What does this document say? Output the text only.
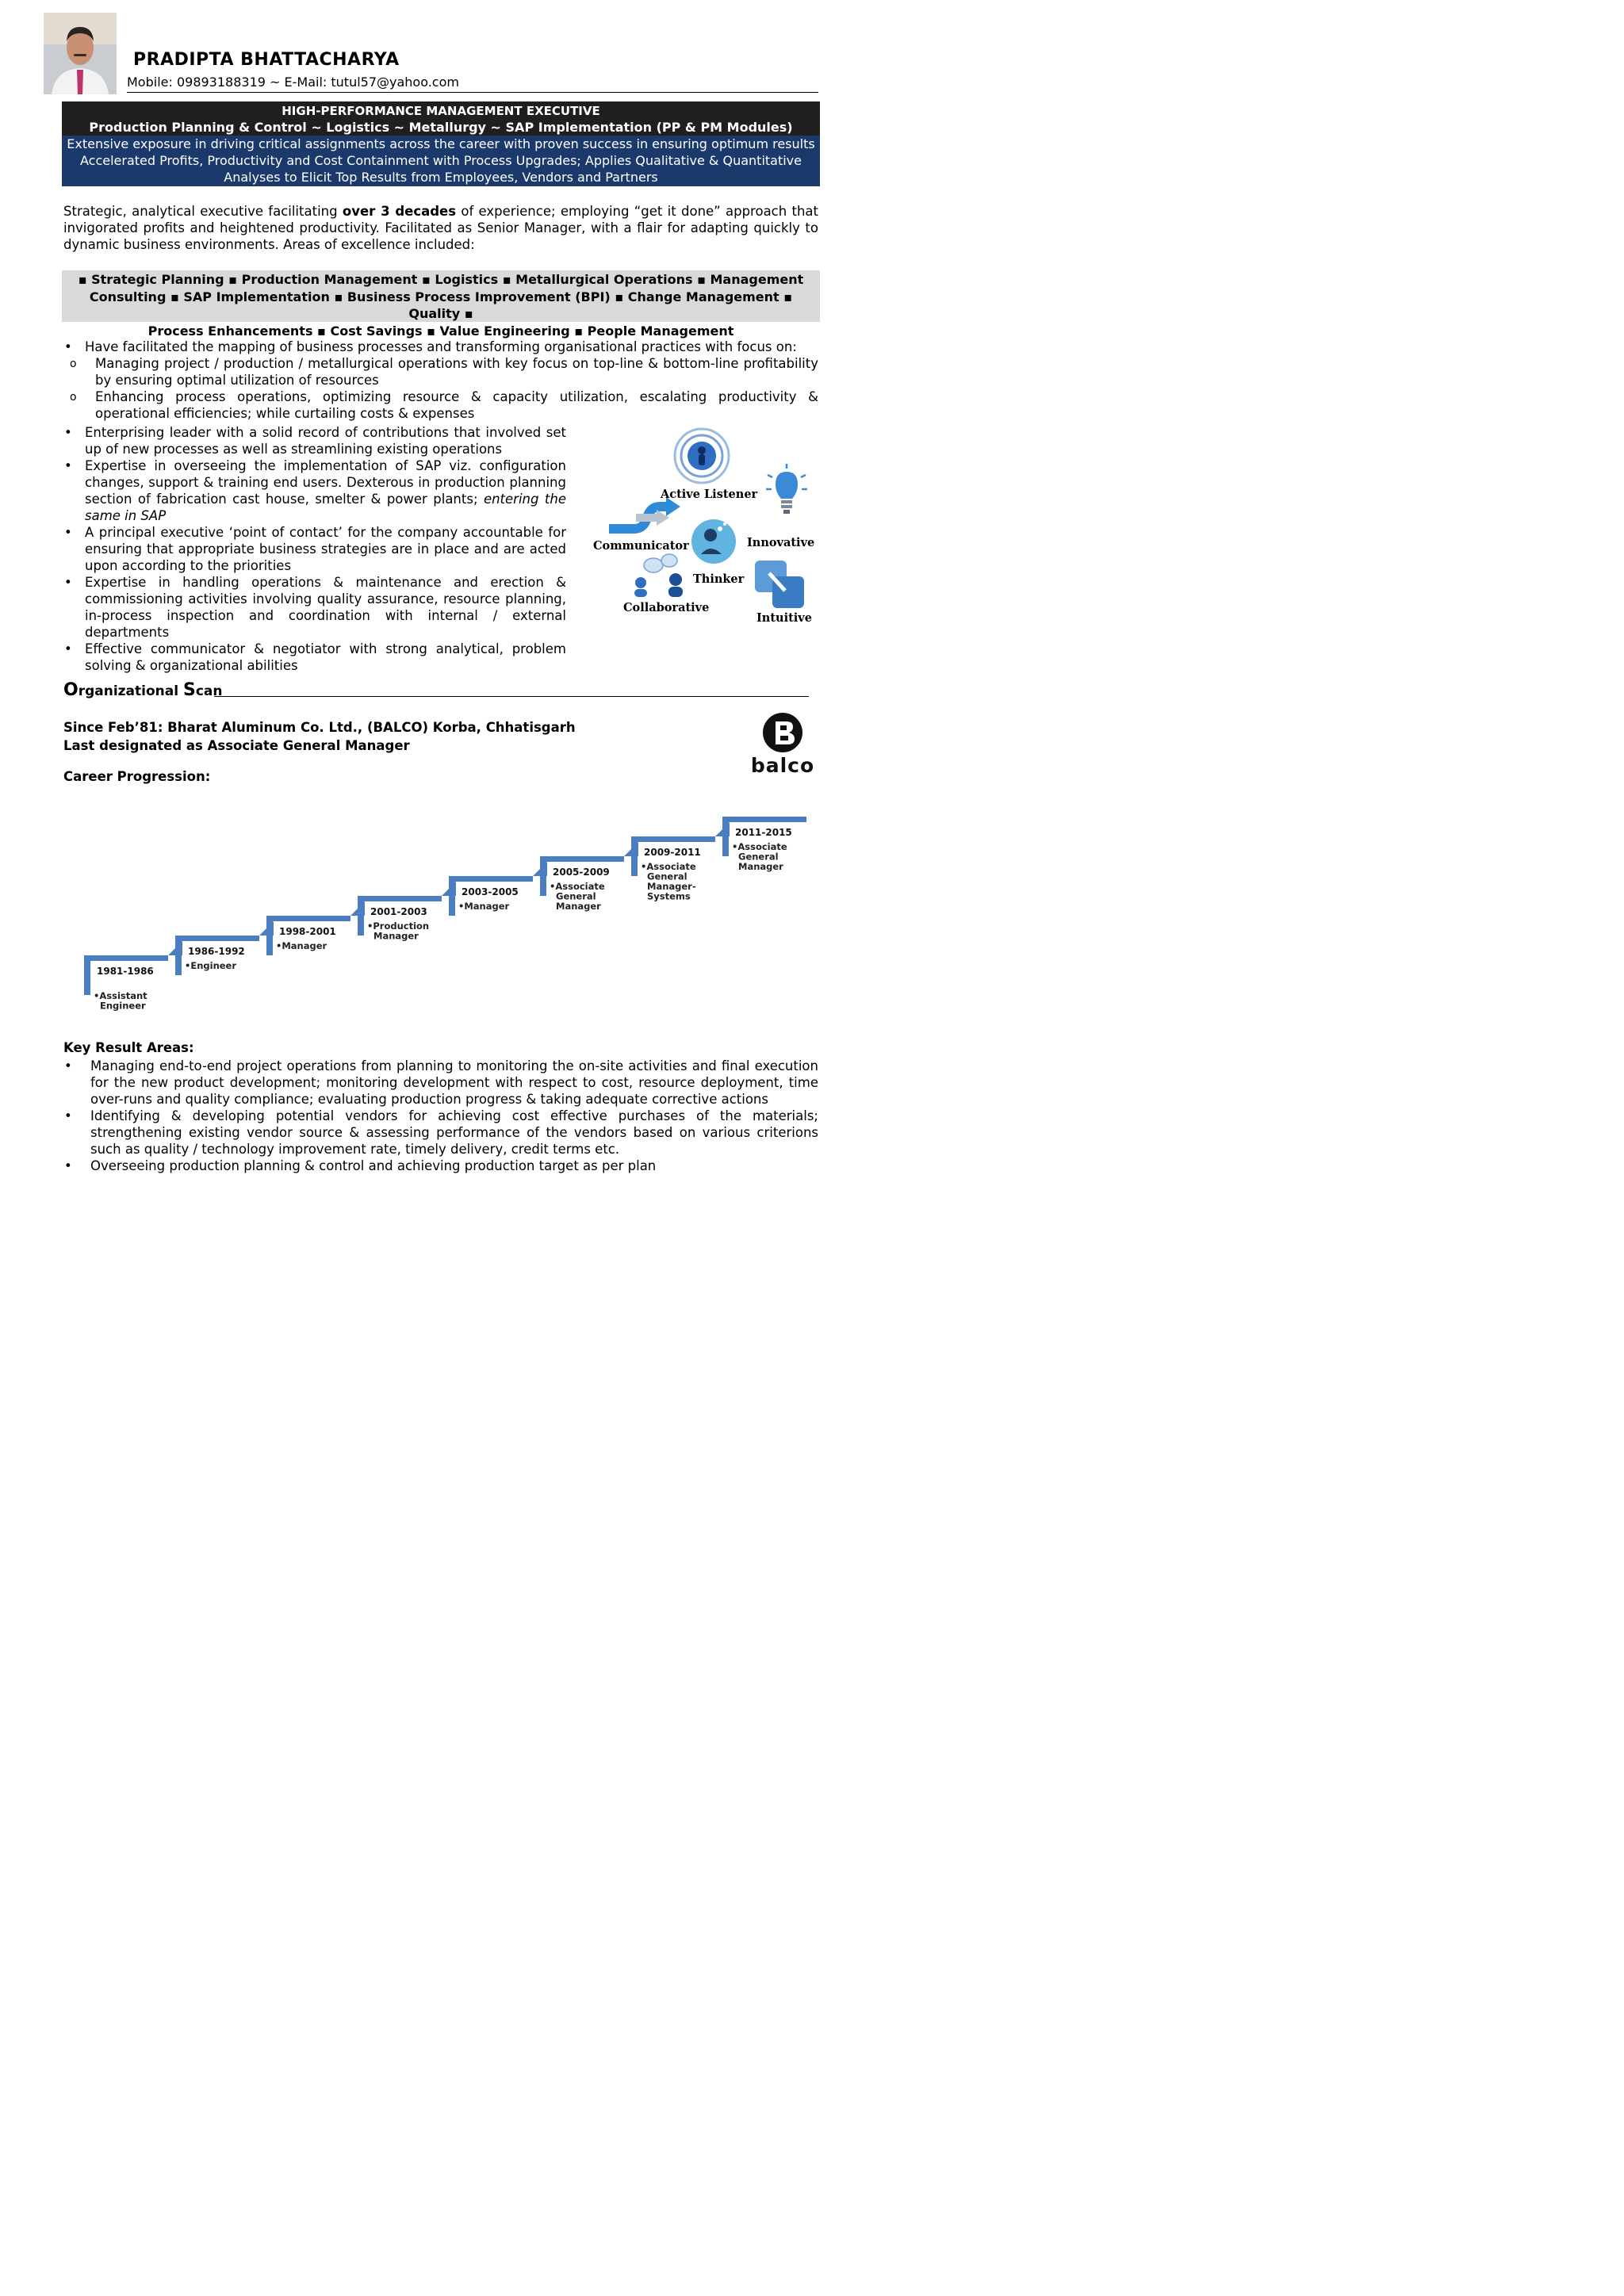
PRADIPTA BHATTACHARYA
Mobile: 09893188319 ~ E-Mail: tutul57@yahoo.com
HIGH-PERFORMANCE MANAGEMENT EXECUTIVE
Production Planning & Control ~ Logistics ~ Metallurgy ~ SAP Implementation (PP & PM Modules)
Extensive exposure in driving critical assignments across the career with proven success in ensuring optimum results
Accelerated Profits, Productivity and Cost Containment with Process Upgrades; Applies Qualitative & Quantitative
Analyses to Elicit Top Results from Employees, Vendors and Partners
Strategic, analytical executive facilitating over 3 decades of experience; employing “get it done” approach that invigorated profits and heightened productivity. Facilitated as Senior Manager, with a flair for adapting quickly to dynamic business environments. Areas of excellence included:
▪ Strategic Planning ▪ Production Management ▪ Logistics ▪ Metallurgical Operations ▪ Management
Consulting ▪ SAP Implementation ▪ Business Process Improvement (BPI) ▪ Change Management ▪ Quality ▪
Process Enhancements ▪ Cost Savings ▪ Value Engineering ▪ People Management
• Have facilitated the mapping of business processes and transforming organisational practices with focus on:
o Managing project / production / metallurgical operations with key focus on top-line & bottom-line profitability by ensuring optimal utilization of resources
o Enhancing process operations, optimizing resource & capacity utilization, escalating productivity & operational efficiencies; while curtailing costs & expenses
• Enterprising leader with a solid record of contributions that involved set up of new processes as well as streamlining existing operations
• Expertise in overseeing the implementation of SAP viz. configuration changes, support & training end users. Dexterous in production planning section of fabrication cast house, smelter & power plants; entering the same in SAP
• A principal executive ‘point of contact’ for the company accountable for ensuring that appropriate business strategies are in place and are acted upon according to the priorities
• Expertise in handling operations & maintenance and erection & commissioning activities involving quality assurance, resource planning, in-process inspection and coordination with internal / external departments
• Effective communicator & negotiator with strong analytical, problem solving & organizational abilities
Active Listener
Communicator	Innovative
Thinker
Collaborative
Intuitive
Organizational Scan
Since Feb’81: Bharat Aluminum Co. Ltd., (BALCO) Korba, Chhatisgarh
Last designated as Associate General Manager
Career Progression:	balco
1981-1986
•Assistant
Engineer
1986-1992
•Engineer
1998-2001
•Manager
2001-2003
•Production
Manager
2003-2005
•Manager
2005-2009
•Associate
General
Manager
2009-2011
•Associate
General
Manager-
Systems
2011-2015
•Associate
General
Manager
Key Result Areas:
• Managing end-to-end project operations from planning to monitoring the on-site activities and final execution for the new product development; monitoring development with respect to cost, resource deployment, time over-runs and quality compliance; evaluating production progress & taking adequate corrective actions
• Identifying & developing potential vendors for achieving cost effective purchases of the materials; strengthening existing vendor source & assessing performance of the vendors based on various criterions such as quality / technology improvement rate, timely delivery, credit terms etc.
• Overseeing production planning & control and achieving production target as per plan
